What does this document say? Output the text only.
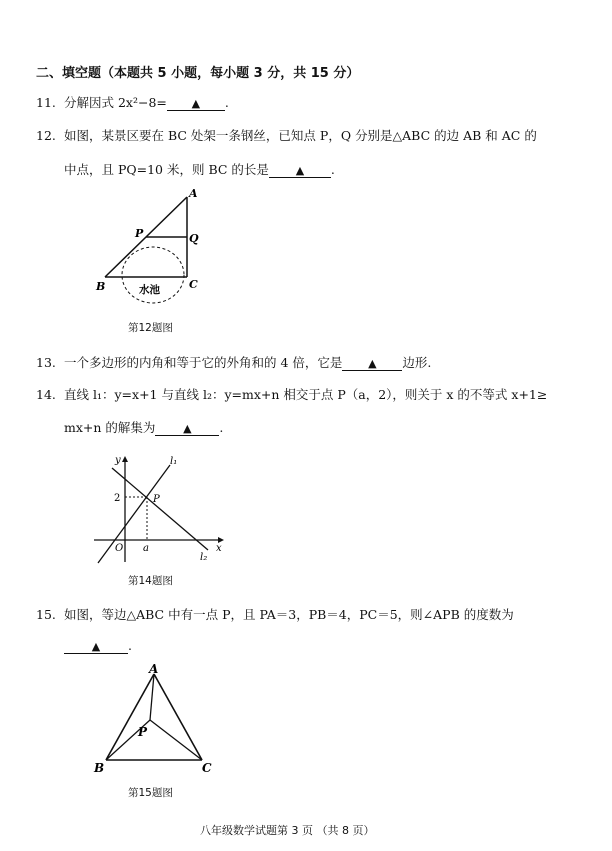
二、填空题（本题共 5 小题，每小题 3 分，共 15 分）
11. 分解因式 2x²−8= ▲ .
12. 如图，某景区要在 BC 处架一条钢丝，已知点 P，Q 分别是△ABC 的边 AB 和 AC 的
中点，且 PQ=10 米，则 BC 的长是 ▲ .
A
P	Q
B	C
水池
第12题图
13. 一个多边形的内角和等于它的外角和的 4 倍，它是 ▲ 边形.
14. 直线 l₁：y=x+1 与直线 l₂：y=mx+n 相交于点 P（a，2），则关于 x 的不等式 x+1≥
mx+n 的解集为	▲ .
y
x
O a
2	P
l₁
l₂
第14题图
15. 如图，等边△ABC 中有一点 P，且 PA＝3，PB＝4，PC＝5，则∠APB 的度数为
▲ .
A
P
B	C
第15题图
八年级数学试题第 3 页 （共 8 页）
